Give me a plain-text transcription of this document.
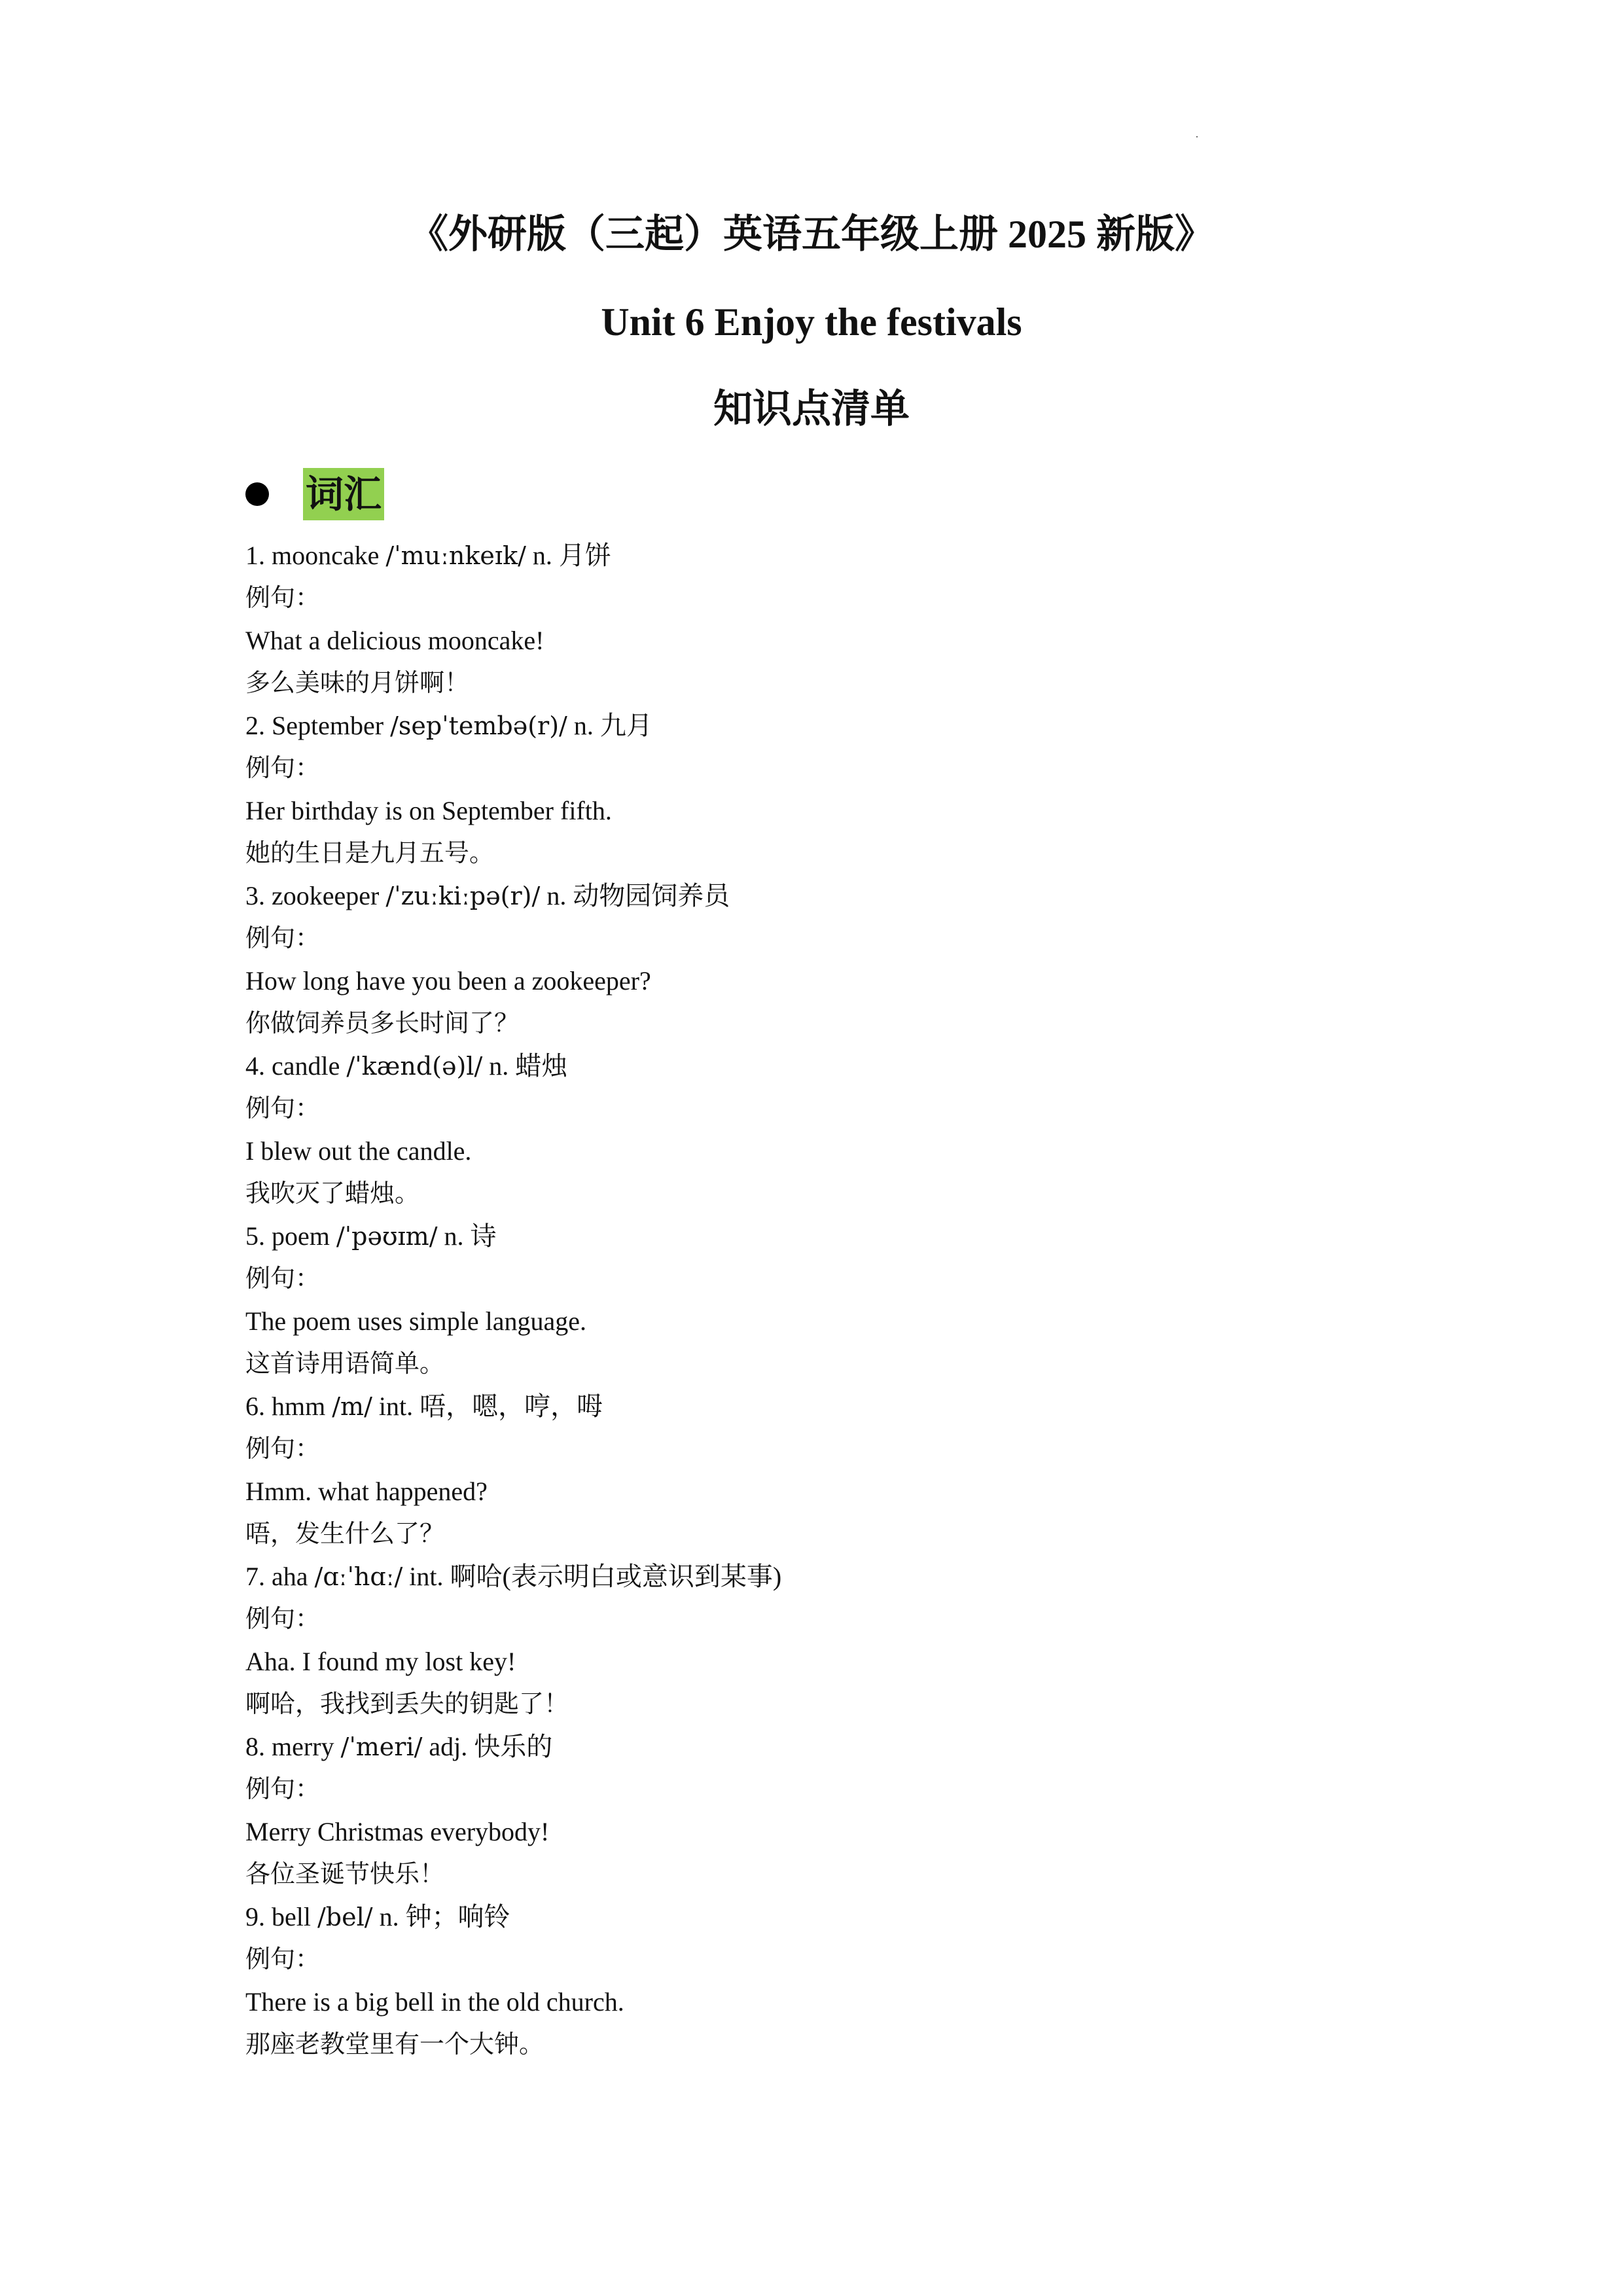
·
《外研版（三起）英语五年级上册 2025 新版》
Unit 6 Enjoy the festivals
知识点清单
词汇
1. mooncake /ˈmuːnkeɪk/ n. 月饼
例句：
What a delicious mooncake!
多么美味的月饼啊！
2. September /sepˈtembə(r)/ n. 九月
例句：
Her birthday is on September fifth.
她的生日是九月五号。
3. zookeeper /ˈzuːkiːpə(r)/ n. 动物园饲养员
例句：
How long have you been a zookeeper?
你做饲养员多长时间了？
4. candle /ˈkænd(ə)l/ n. 蜡烛
例句：
I blew out the candle.
我吹灭了蜡烛。
5. poem /ˈpəʊɪm/ n. 诗
例句：
The poem uses simple language.
这首诗用语简单。
6. hmm /m/ int. 唔，嗯，哼，呣
例句：
Hmm. what happened?
唔，发生什么了？
7. aha /ɑːˈhɑː/ int. 啊哈(表示明白或意识到某事)
例句：
Aha. I found my lost key!
啊哈，我找到丢失的钥匙了！
8. merry /ˈmeri/ adj. 快乐的
例句：
Merry Christmas everybody!
各位圣诞节快乐！
9. bell /bel/ n. 钟；响铃
例句：
There is a big bell in the old church.
那座老教堂里有一个大钟。
